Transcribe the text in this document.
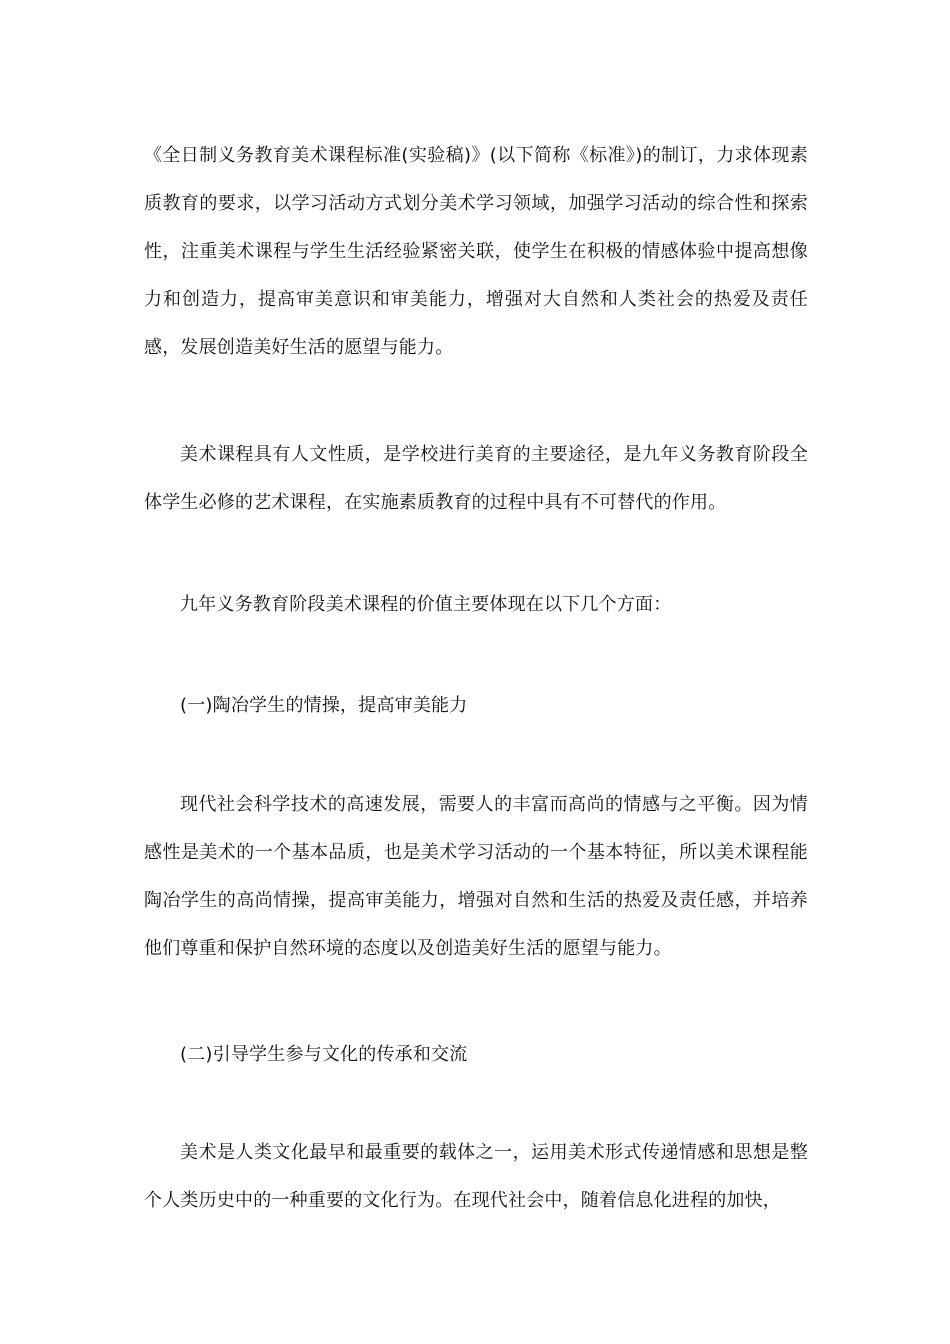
《全日制义务教育美术课程标准(实验稿)》(以下简称《标准》)的制订，力求体现素质教育的要求，以学习活动方式划分美术学习领域，加强学习活动的综合性和探索性，注重美术课程与学生生活经验紧密关联，使学生在积极的情感体验中提高想像力和创造力，提高审美意识和审美能力，增强对大自然和人类社会的热爱及责任感，发展创造美好生活的愿望与能力。

美术课程具有人文性质，是学校进行美育的主要途径，是九年义务教育阶段全体学生必修的艺术课程，在实施素质教育的过程中具有不可替代的作用。

九年义务教育阶段美术课程的价值主要体现在以下几个方面：

(一)陶冶学生的情操，提高审美能力

现代社会科学技术的高速发展，需要人的丰富而高尚的情感与之平衡。因为情感性是美术的一个基本品质，也是美术学习活动的一个基本特征，所以美术课程能陶冶学生的高尚情操，提高审美能力，增强对自然和生活的热爱及责任感，并培养他们尊重和保护自然环境的态度以及创造美好生活的愿望与能力。

(二)引导学生参与文化的传承和交流

美术是人类文化最早和最重要的载体之一，运用美术形式传递情感和思想是整个人类历史中的一种重要的文化行为。在现代社会中，随着信息化进程的加快，
